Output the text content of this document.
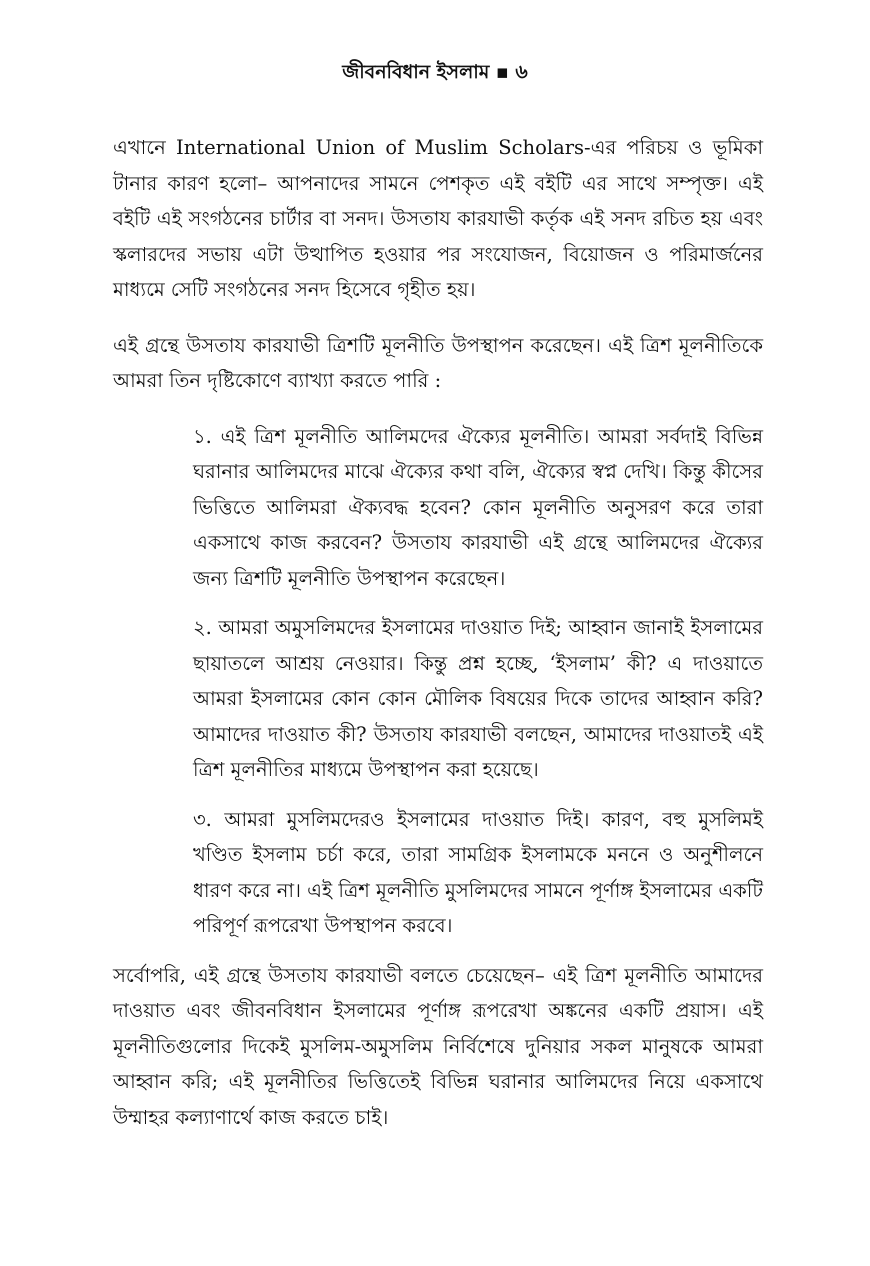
জীবনবিধান ইসলাম ▪ ৬

এখানে International Union of Muslim Scholars-এর পরিচয় ও ভূমিকা টানার কারণ হলো– আপনাদের সামনে পেশকৃত এই বইটি এর সাথে সম্পৃক্ত। এই বইটি এই সংগঠনের চার্টার বা সনদ। উসতায কারযাভী কর্তৃক এই সনদ রচিত হয় এবং স্কলারদের সভায় এটা উত্থাপিত হওয়ার পর সংযোজন, বিয়োজন ও পরিমার্জনের মাধ্যমে সেটি সংগঠনের সনদ হিসেবে গৃহীত হয়।

এই গ্রন্থে উসতায কারযাভী ত্রিশটি মূলনীতি উপস্থাপন করেছেন। এই ত্রিশ মূলনীতিকে আমরা তিন দৃষ্টিকোণে ব্যাখ্যা করতে পারি :

১. এই ত্রিশ মূলনীতি আলিমদের ঐক্যের মূলনীতি। আমরা সর্বদাই বিভিন্ন ঘরানার আলিমদের মাঝে ঐক্যের কথা বলি, ঐক্যের স্বপ্ন দেখি। কিন্তু কীসের ভিত্তিতে আলিমরা ঐক্যবদ্ধ হবেন? কোন মূলনীতি অনুসরণ করে তারা একসাথে কাজ করবেন? উসতায কারযাভী এই গ্রন্থে আলিমদের ঐক্যের জন্য ত্রিশটি মূলনীতি উপস্থাপন করেছেন।
২. আমরা অমুসলিমদের ইসলামের দাওয়াত দিই; আহ্বান জানাই ইসলামের ছায়াতলে আশ্রয় নেওয়ার। কিন্তু প্রশ্ন হচ্ছে, ‘ইসলাম’ কী? এ দাওয়াতে আমরা ইসলামের কোন কোন মৌলিক বিষয়ের দিকে তাদের আহ্বান করি? আমাদের দাওয়াত কী? উসতায কারযাভী বলছেন, আমাদের দাওয়াতই এই ত্রিশ মূলনীতির মাধ্যমে উপস্থাপন করা হয়েছে।
৩. আমরা মুসলিমদেরও ইসলামের দাওয়াত দিই। কারণ, বহু মুসলিমই খণ্ডিত ইসলাম চর্চা করে, তারা সামগ্রিক ইসলামকে মননে ও অনুশীলনে ধারণ করে না। এই ত্রিশ মূলনীতি মুসলিমদের সামনে পূর্ণাঙ্গ ইসলামের একটি পরিপূর্ণ রূপরেখা উপস্থাপন করবে।

সর্বোপরি, এই গ্রন্থে উসতায কারযাভী বলতে চেয়েছেন– এই ত্রিশ মূলনীতি আমাদের দাওয়াত এবং জীবনবিধান ইসলামের পূর্ণাঙ্গ রূপরেখা অঙ্কনের একটি প্রয়াস। এই মূলনীতিগুলোর দিকেই মুসলিম-অমুসলিম নির্বিশেষে দুনিয়ার সকল মানুষকে আমরা আহ্বান করি; এই মূলনীতির ভিত্তিতেই বিভিন্ন ঘরানার আলিমদের নিয়ে একসাথে উম্মাহর কল্যাণার্থে কাজ করতে চাই।
